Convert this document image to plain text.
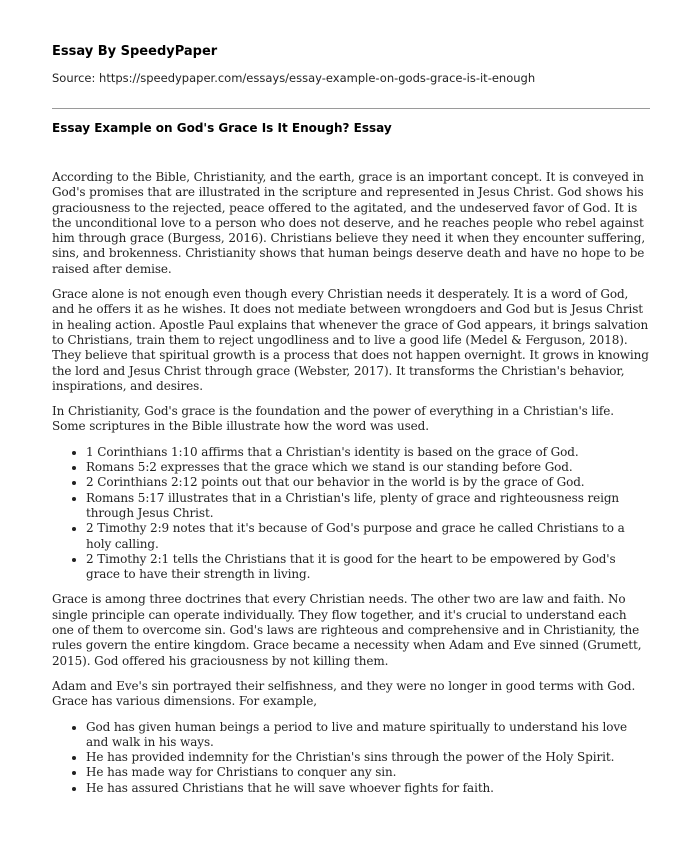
Essay By SpeedyPaper

Source: https://speedypaper.com/essays/essay-example-on-gods-grace-is-it-enough

Essay Example on God's Grace Is It Enough? Essay

According to the Bible, Christianity, and the earth, grace is an important concept. It is conveyed in God's promises that are illustrated in the scripture and represented in Jesus Christ. God shows his graciousness to the rejected, peace offered to the agitated, and the undeserved favor of God. It is the unconditional love to a person who does not deserve, and he reaches people who rebel against him through grace (Burgess, 2016). Christians believe they need it when they encounter suffering, sins, and brokenness. Christianity shows that human beings deserve death and have no hope to be raised after demise.

Grace alone is not enough even though every Christian needs it desperately. It is a word of God, and he offers it as he wishes. It does not mediate between wrongdoers and God but is Jesus Christ in healing action. Apostle Paul explains that whenever the grace of God appears, it brings salvation to Christians, train them to reject ungodliness and to live a good life (Medel & Ferguson, 2018). They believe that spiritual growth is a process that does not happen overnight. It grows in knowing the lord and Jesus Christ through grace (Webster, 2017). It transforms the Christian's behavior, inspirations, and desires.

In Christianity, God's grace is the foundation and the power of everything in a Christian's life. Some scriptures in the Bible illustrate how the word was used.

• 1 Corinthians 1:10 affirms that a Christian's identity is based on the grace of God.
• Romans 5:2 expresses that the grace which we stand is our standing before God.
• 2 Corinthians 2:12 points out that our behavior in the world is by the grace of God.
• Romans 5:17 illustrates that in a Christian's life, plenty of grace and righteousness reign through Jesus Christ.
• 2 Timothy 2:9 notes that it's because of God's purpose and grace he called Christians to a holy calling.
• 2 Timothy 2:1 tells the Christians that it is good for the heart to be empowered by God's grace to have their strength in living.

Grace is among three doctrines that every Christian needs. The other two are law and faith. No single principle can operate individually. They flow together, and it's crucial to understand each one of them to overcome sin. God's laws are righteous and comprehensive and in Christianity, the rules govern the entire kingdom. Grace became a necessity when Adam and Eve sinned (Grumett, 2015). God offered his graciousness by not killing them.

Adam and Eve's sin portrayed their selfishness, and they were no longer in good terms with God. Grace has various dimensions. For example,

• God has given human beings a period to live and mature spiritually to understand his love and walk in his ways.
• He has provided indemnity for the Christian's sins through the power of the Holy Spirit.
• He has made way for Christians to conquer any sin.
• He has assured Christians that he will save whoever fights for faith.
